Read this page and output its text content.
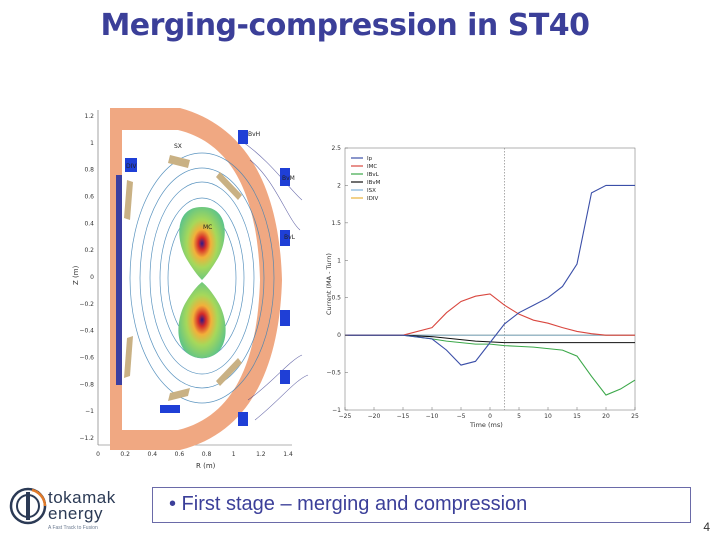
Merging-compression in ST40
1.2
1
0.8
0.6
0.4
0.2
0
−0.2
−0.4
−0.6
−0.8
−1
−1.2
0	0.2	0.4	0.6	0.8	1	1.2	1.4
BvH
SX
DIV
BvM
MC
BvL
R (m)
Z (m)
−25	−20	−15	−10	−5	0	5	10	15	20	25
−1
−0.5
0
0.5
1
1.5
2
2.5
Ip
IMC
IBvL
IBvM
ISX
IDIV
Time (ms)
Current (MA - Turn)
tokamak
energy
A Fast Track to Fusion
• First stage – merging and compression
4
